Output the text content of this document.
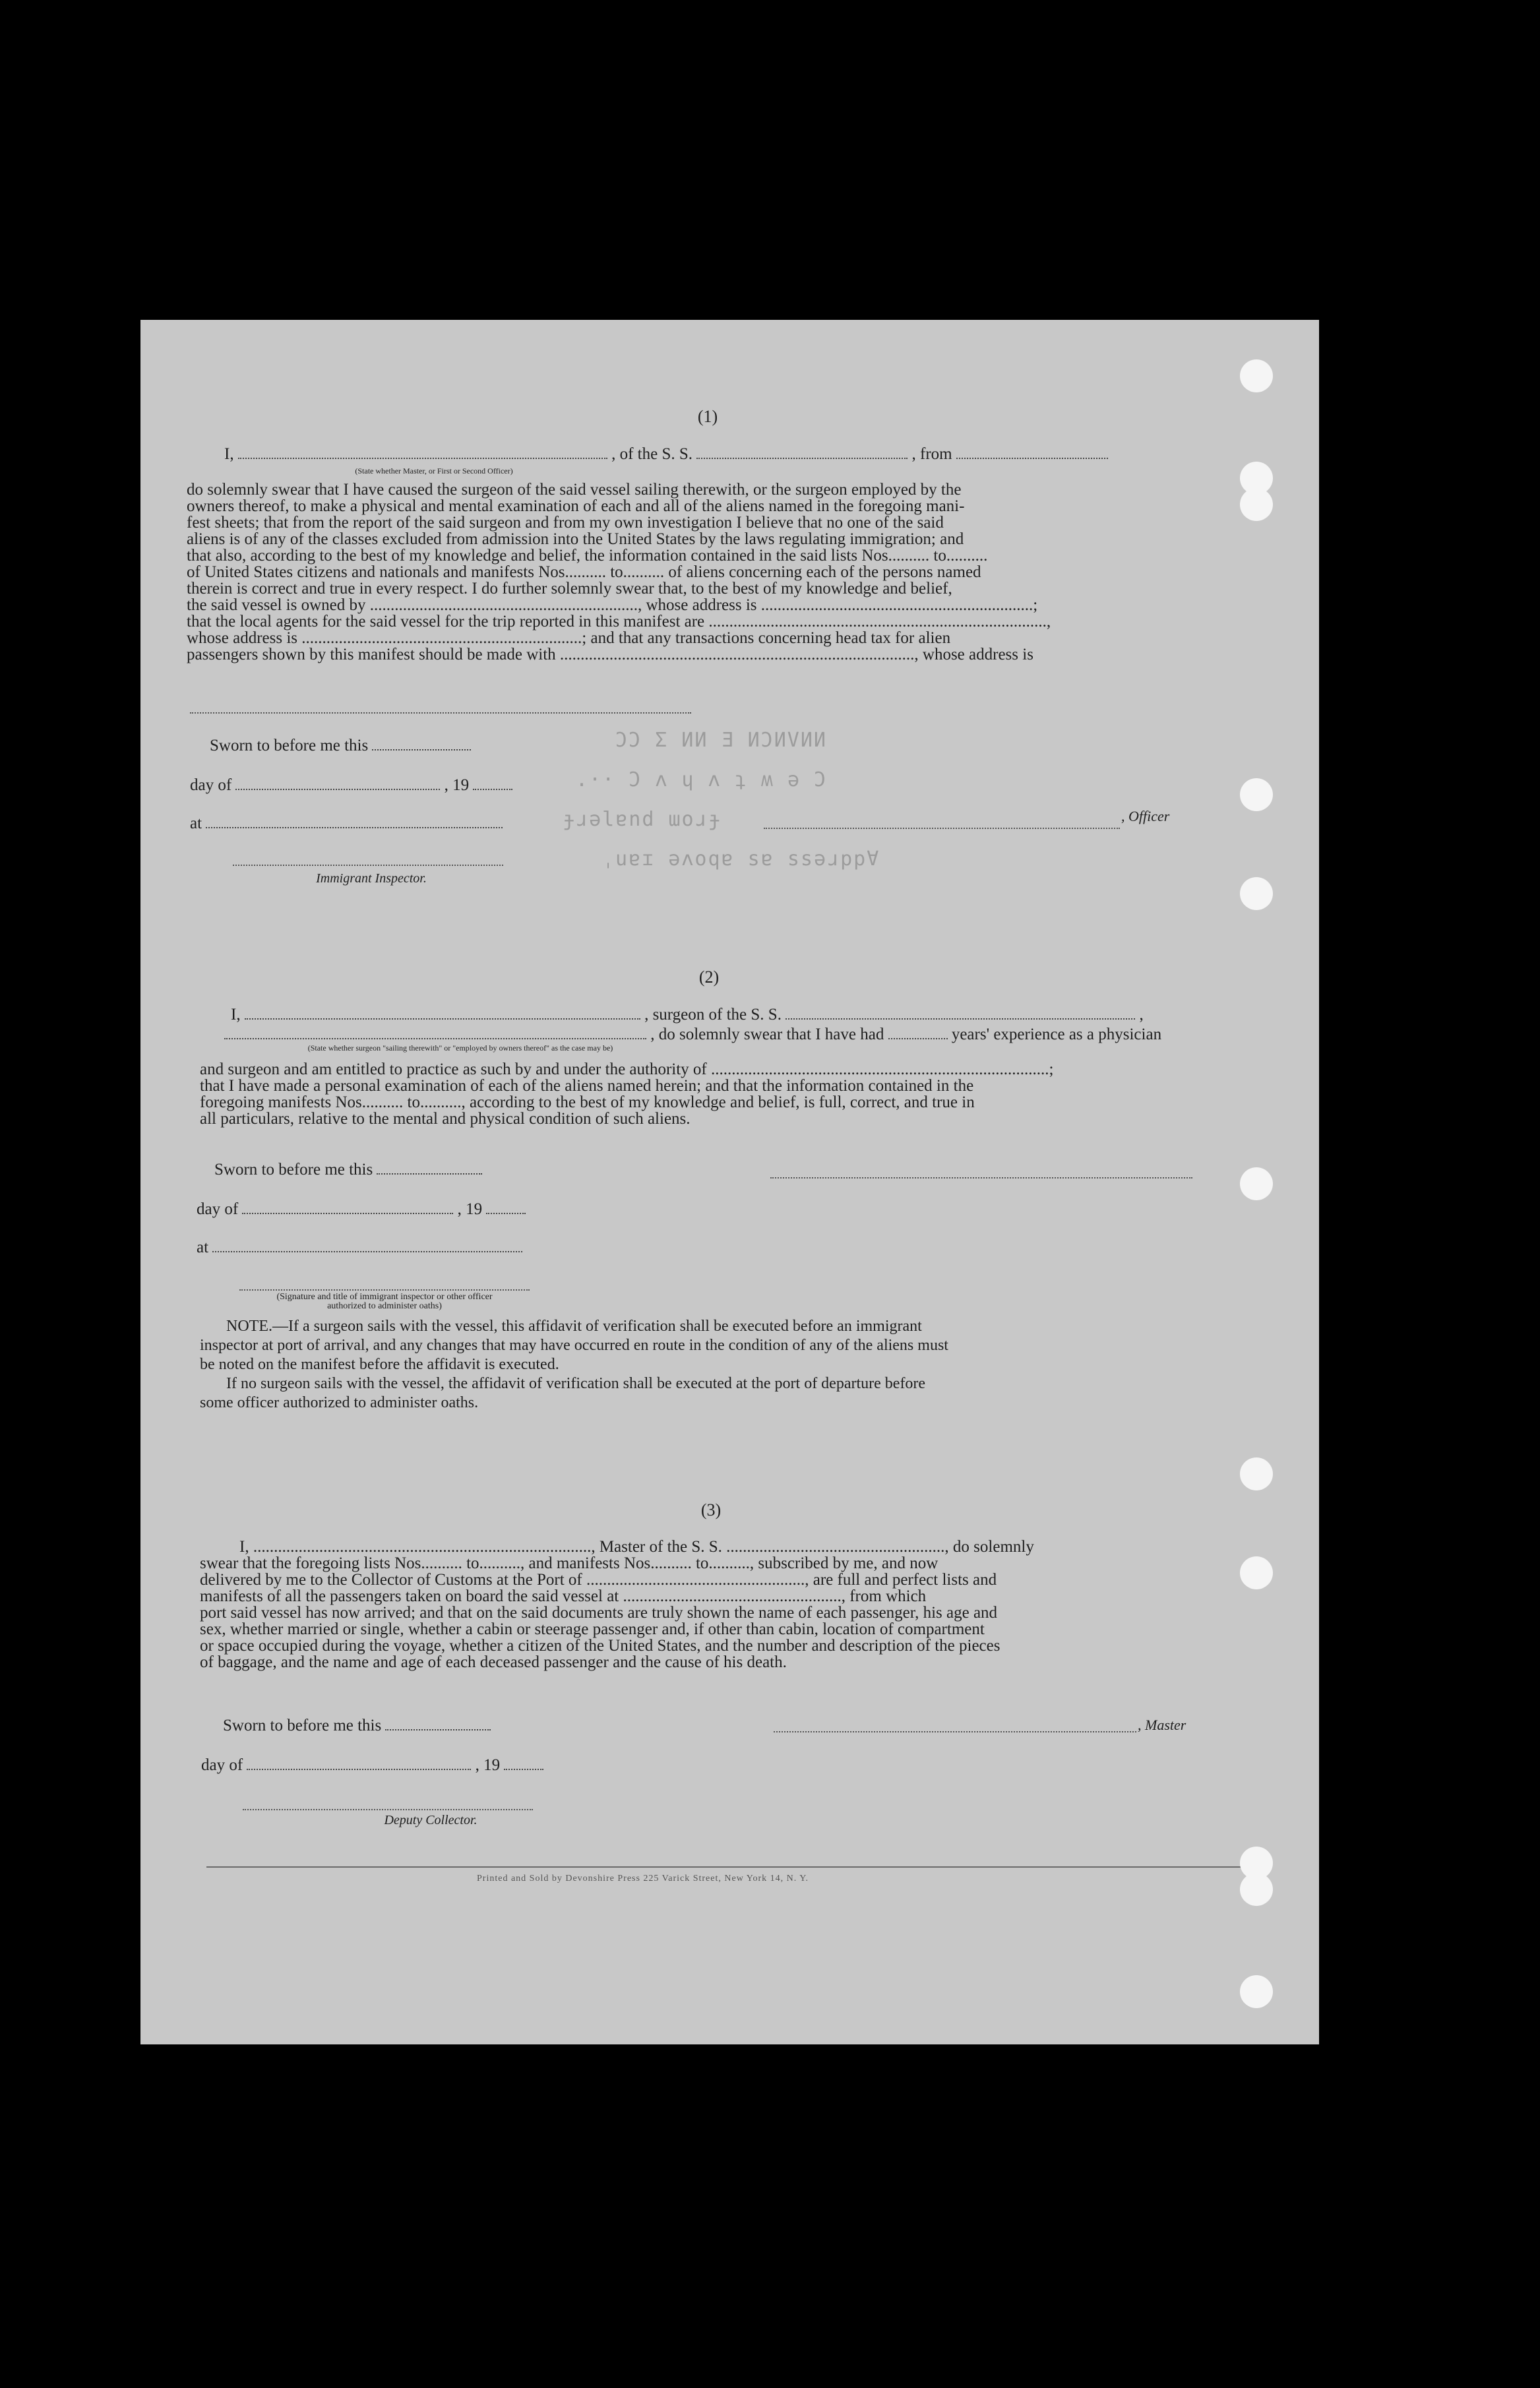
ƆƆ Ʃ ИИ Ǝ ИƆИVИИ
.·· Ɔ ʌ ɥ ʌ ʇ ʍ ǝ Ɔ
ɟɹǝlɐnd ɯoɹɟ
ˌuɐɪ ǝʌoqɐ sɐ ssǝɹppⱯ
(1)
I,	, of the S. S.	, from
(State whether Master, or First or Second Officer)
do solemnly swear that I have caused the surgeon of the said vessel sailing therewith, or the surgeon employed by the
owners thereof, to make a physical and mental examination of each and all of the aliens named in the foregoing mani-
fest sheets; that from the report of the said surgeon and from my own investigation I believe that no one of the said
aliens is of any of the classes excluded from admission into the United States by the laws regulating immigration; and
that also, according to the best of my knowledge and belief, the information contained in the said lists Nos.......... to..........
of United States citizens and nationals and manifests Nos.......... to.......... of aliens concerning each of the persons named
therein is correct and true in every respect. I do further solemnly swear that, to the best of my knowledge and belief,
the said vessel is owned by ................................................................., whose address is ..................................................................;
that the local agents for the said vessel for the trip reported in this manifest are ..................................................................................,
whose address is ....................................................................; and that any transactions concerning head tax for alien
passengers shown by this manifest should be made with ......................................................................................, whose address is
Sworn to before me this
day of	, 19
at
Immigrant Inspector.
, Officer
(2)
I,	, surgeon of the S. S.	,
, do solemnly swear that I have had	years' experience as a physician
(State whether surgeon "sailing therewith" or "employed by owners thereof" as the case may be)
and surgeon and am entitled to practice as such by and under the authority of ..................................................................................;
that I have made a personal examination of each of the aliens named herein; and that the information contained in the
foregoing manifests Nos.......... to.........., according to the best of my knowledge and belief, is full, correct, and true in
all particulars, relative to the mental and physical condition of such aliens.
Sworn to before me this
day of	, 19
at
(Signature and title of immigrant inspector or other officer authorized to administer oaths)
NOTE.—If a surgeon sails with the vessel, this affidavit of verification shall be executed before an immigrant
inspector at port of arrival, and any changes that may have occurred en route in the condition of any of the aliens must
be noted on the manifest before the affidavit is executed.
If no surgeon sails with the vessel, the affidavit of verification shall be executed at the port of departure before
some officer authorized to administer oaths.
(3)
I, .................................................................................., Master of the S. S. ....................................................., do solemnly
swear that the foregoing lists Nos.......... to.........., and manifests Nos.......... to.........., subscribed by me, and now
delivered by me to the Collector of Customs at the Port of ....................................................., are full and perfect lists and
manifests of all the passengers taken on board the said vessel at ....................................................., from which
port said vessel has now arrived; and that on the said documents are truly shown the name of each passenger, his age and
sex, whether married or single, whether a cabin or steerage passenger and, if other than cabin, location of compartment
or space occupied during the voyage, whether a citizen of the United States, and the number and description of the pieces
of baggage, and the name and age of each deceased passenger and the cause of his death.
Sworn to before me this	, Master
day of	, 19
Deputy Collector.
Printed and Sold by Devonshire Press 225 Varick Street, New York 14, N. Y.
